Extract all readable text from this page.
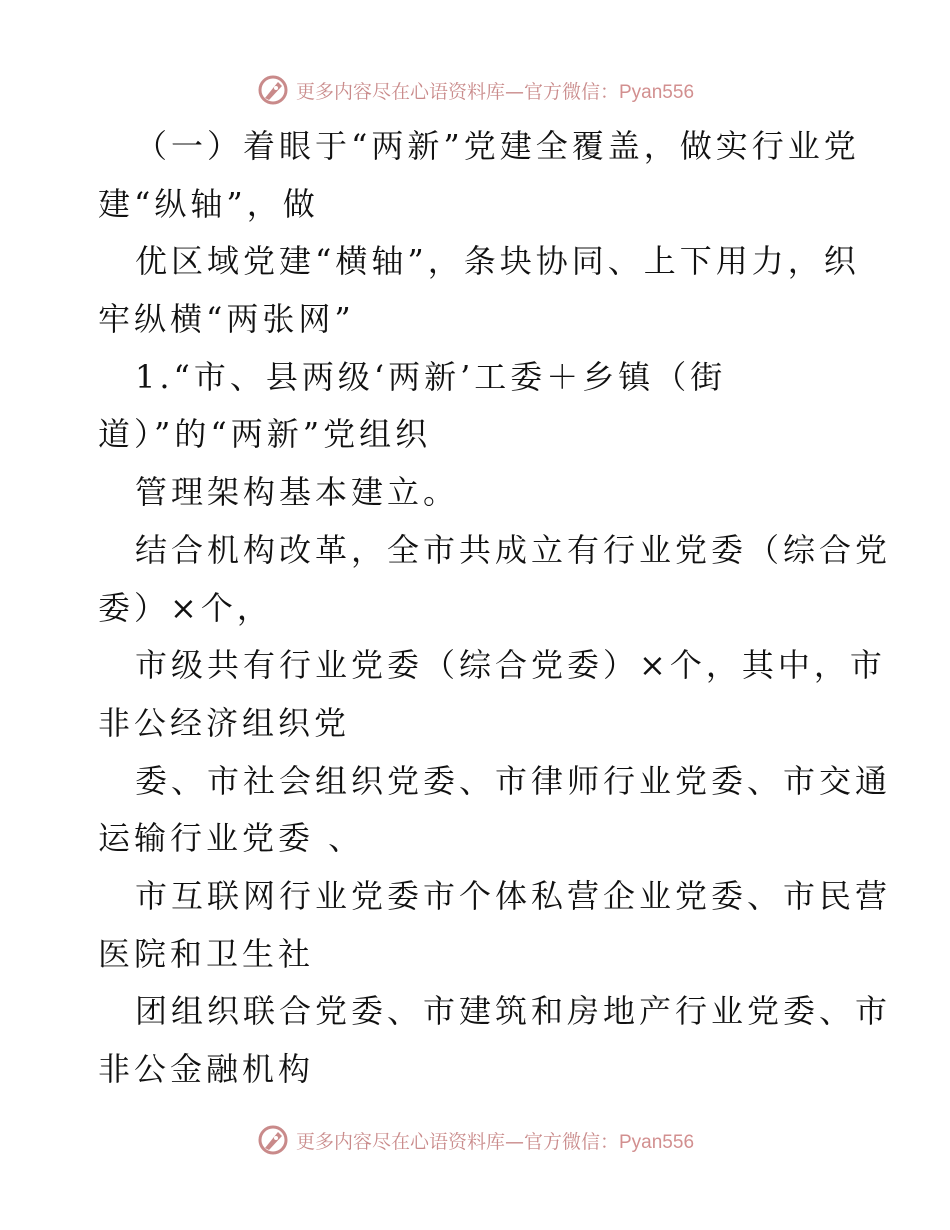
更多内容尽在心语资料库—官方微信：Pyan556
（一）着眼于“两新”党建全覆盖，做实行业党
建“纵轴”，做
优区域党建“横轴”，条块协同、上下用力，织
牢纵横“两张网”
1.“市、县两级‘两新’工委＋乡镇（街
道）”的“两新”党组织
管理架构基本建立。
结合机构改革，全市共成立有行业党委（综合党
委）×个，
市级共有行业党委（综合党委）×个，其中，市
非公经济组织党
委、市社会组织党委、市律师行业党委、市交通
运输行业党委 、
市互联网行业党委市个体私营企业党委、市民营
医院和卫生社
团组织联合党委、市建筑和房地产行业党委、市
非公金融机构
更多内容尽在心语资料库—官方微信：Pyan556
